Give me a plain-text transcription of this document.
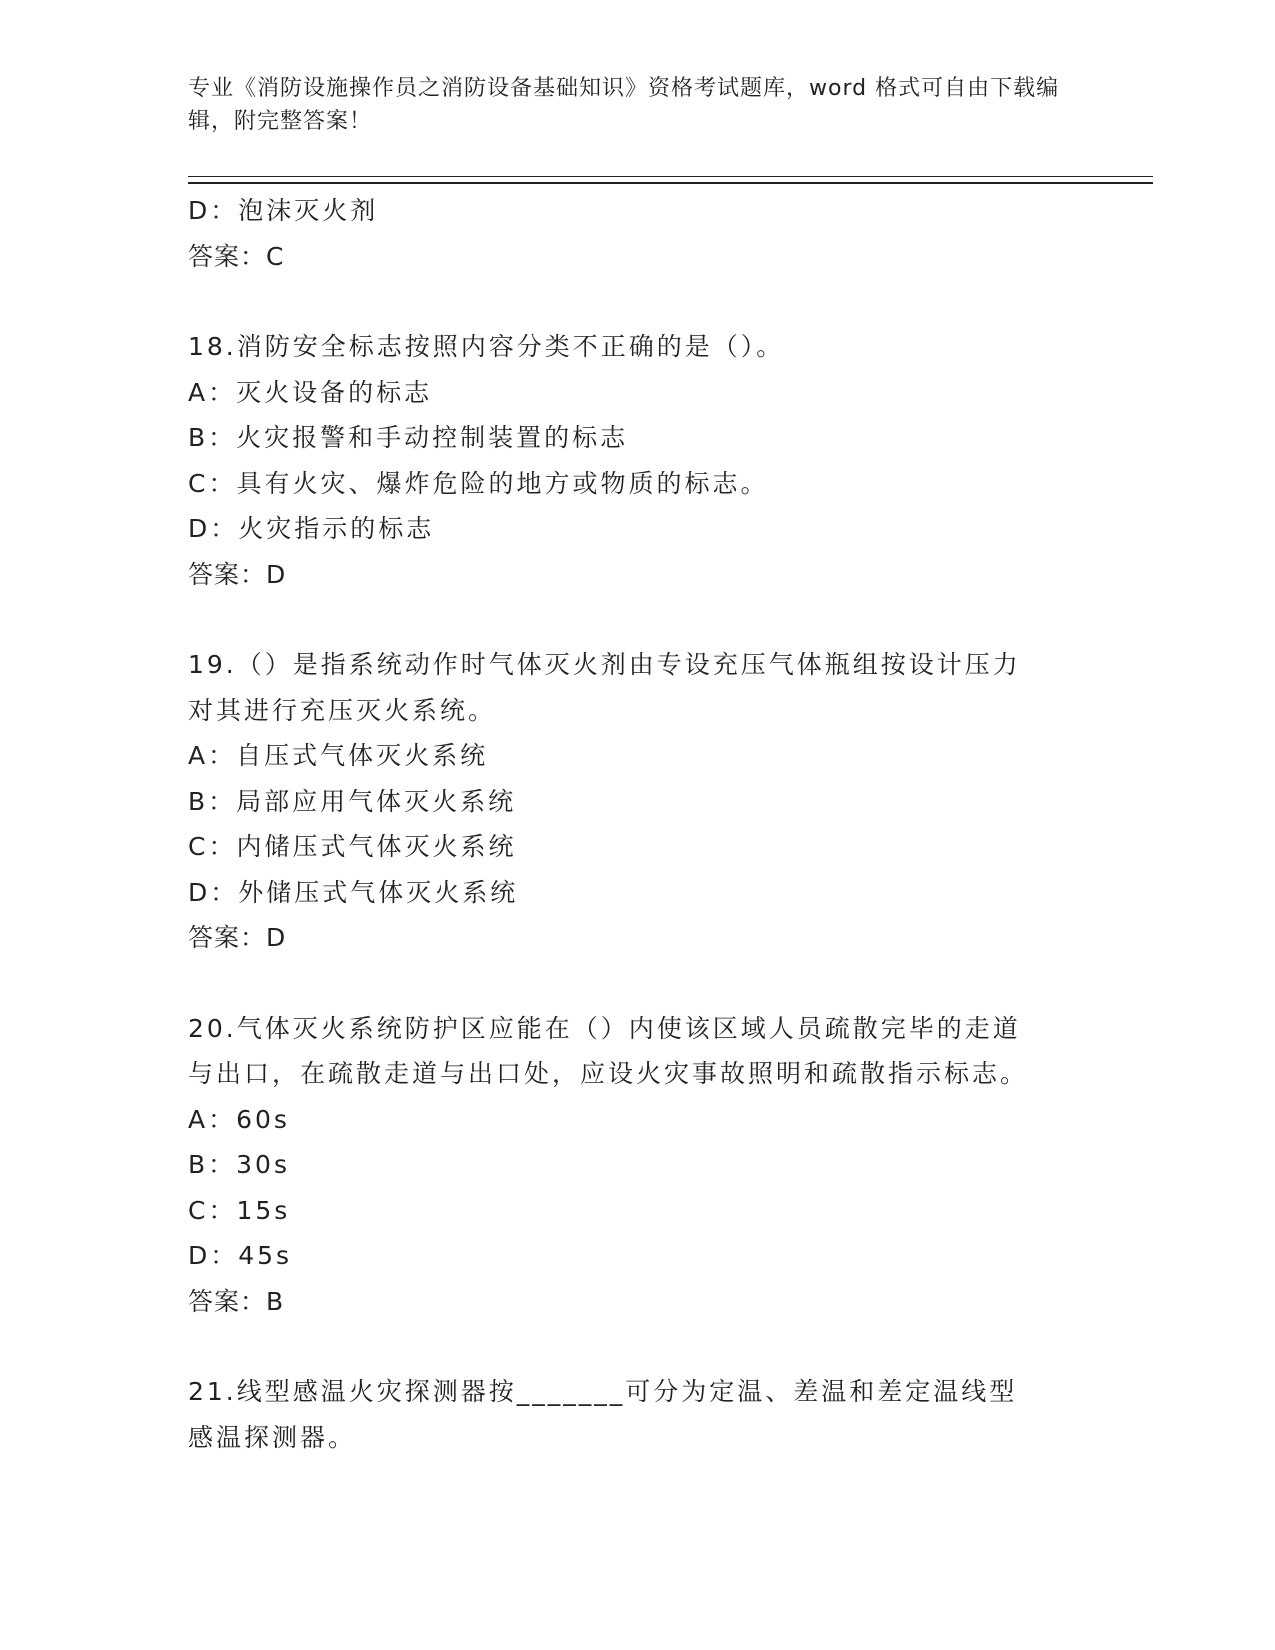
专业《消防设施操作员之消防设备基础知识》资格考试题库，word 格式可自由下载编辑，附完整答案！
D：泡沫灭火剂
答案：C
18.消防安全标志按照内容分类不正确的是（）。
A：灭火设备的标志
B：火灾报警和手动控制装置的标志
C：具有火灾、爆炸危险的地方或物质的标志。
D：火灾指示的标志
答案：D
19.（）是指系统动作时气体灭火剂由专设充压气体瓶组按设计压力对其进行充压灭火系统。
A：自压式气体灭火系统
B：局部应用气体灭火系统
C：内储压式气体灭火系统
D：外储压式气体灭火系统
答案：D
20.气体灭火系统防护区应能在（）内使该区域人员疏散完毕的走道与出口，在疏散走道与出口处，应设火灾事故照明和疏散指示标志。
A：60s
B：30s
C：15s
D：45s
答案：B
21.线型感温火灾探测器按_______可分为定温、差温和差定温线型感温探测器。
